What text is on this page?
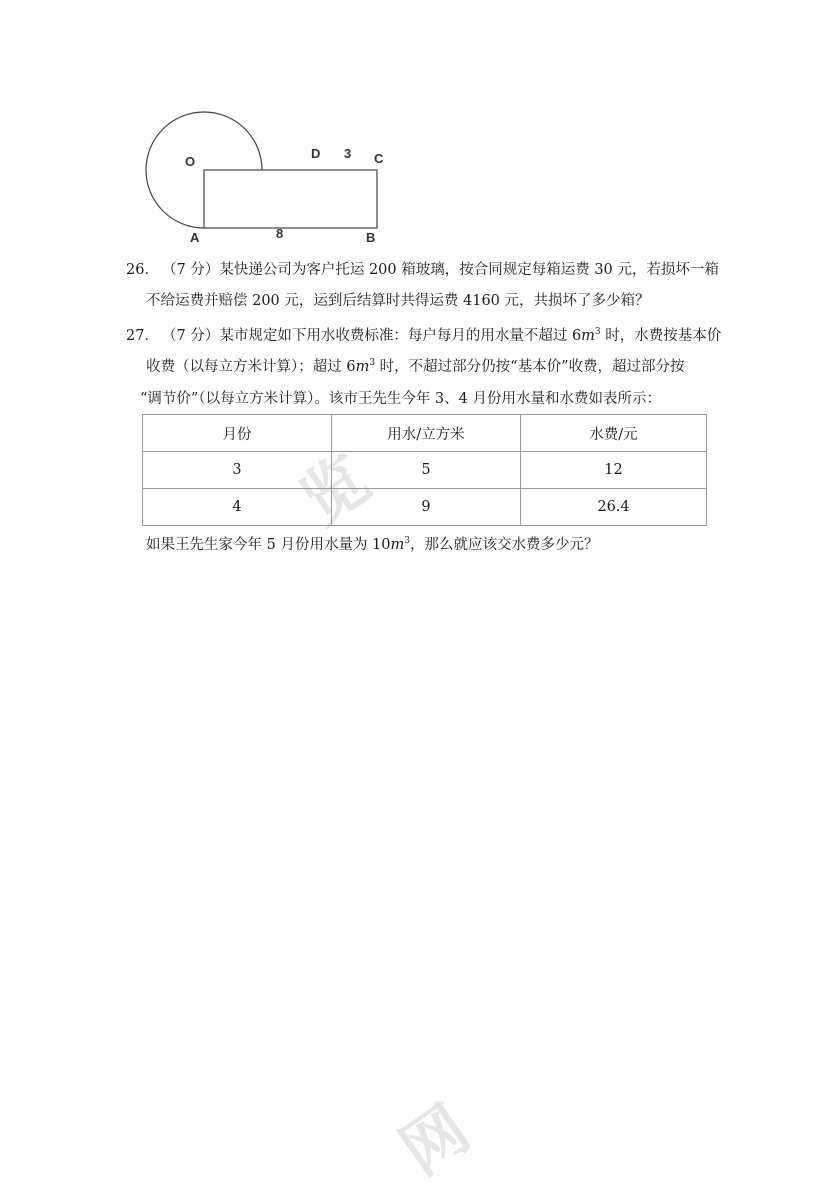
览
网
O
D 3 C
A	8	B
26． （7 分）某快递公司为客户托运 200 箱玻璃，按合同规定每箱运费 30 元，若损坏一箱
不给运费并赔偿 200 元，运到后结算时共得运费 4160 元，共损坏了多少箱？
27． （7 分）某市规定如下用水收费标准：每户每月的用水量不超过 $6m^3$ 时，水费按基本价
收费（以每立方米计算）；超过 $6m^3$ 时，不超过部分仍按“基本价”收费，超过部分按
“调节价”（以每立方米计算）。该市王先生今年 3、4 月份用水量和水费如表所示：
月份	用水/立方米	水费/元
3	5	12
4	9	26.4
如果王先生家今年 5 月份用水量为 $10m^3$，那么就应该交水费多少元？
